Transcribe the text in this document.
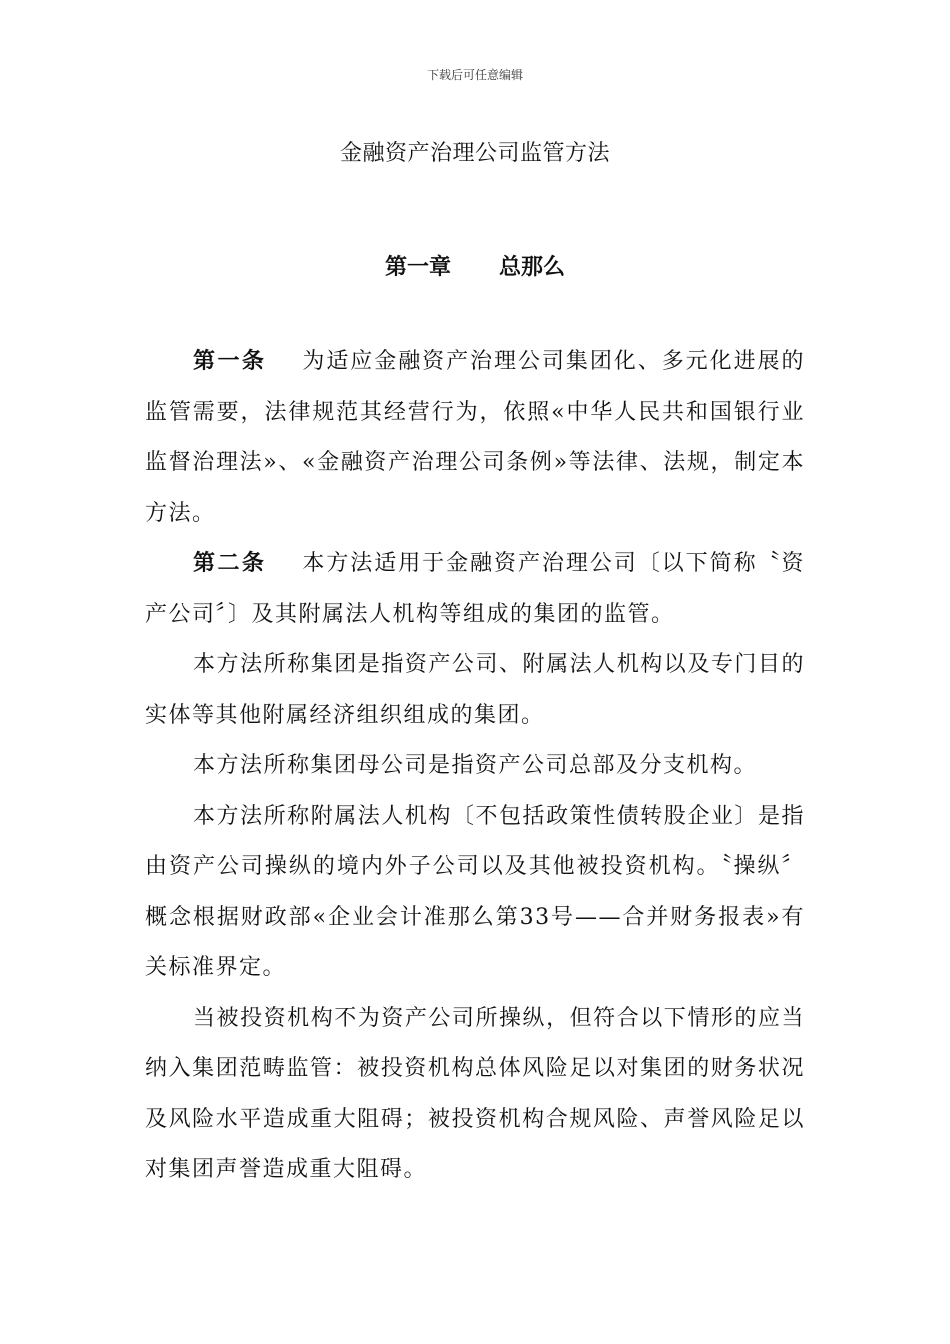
下载后可任意编辑
金融资产治理公司监管方法
第一章 总那么

第一条 为适应金融资产治理公司集团化、多元化进展的监管需要，法律规范其经营行为，依照«中华人民共和国银行业监督治理法»、«金融资产治理公司条例»等法律、法规，制定本方法。

第二条 本方法适用于金融资产治理公司〔以下简称〝资产公司〞〕及其附属法人机构等组成的集团的监管。

本方法所称集团是指资产公司、附属法人机构以及专门目的实体等其他附属经济组织组成的集团。

本方法所称集团母公司是指资产公司总部及分支机构。

本方法所称附属法人机构〔不包括政策性债转股企业〕是指由资产公司操纵的境内外子公司以及其他被投资机构。〝操纵〞概念根据财政部«企业会计准那么第33号——合并财务报表»有关标准界定。

当被投资机构不为资产公司所操纵，但符合以下情形的应当纳入集团范畴监管：被投资机构总体风险足以对集团的财务状况及风险水平造成重大阻碍；被投资机构合规风险、声誉风险足以对集团声誉造成重大阻碍。
